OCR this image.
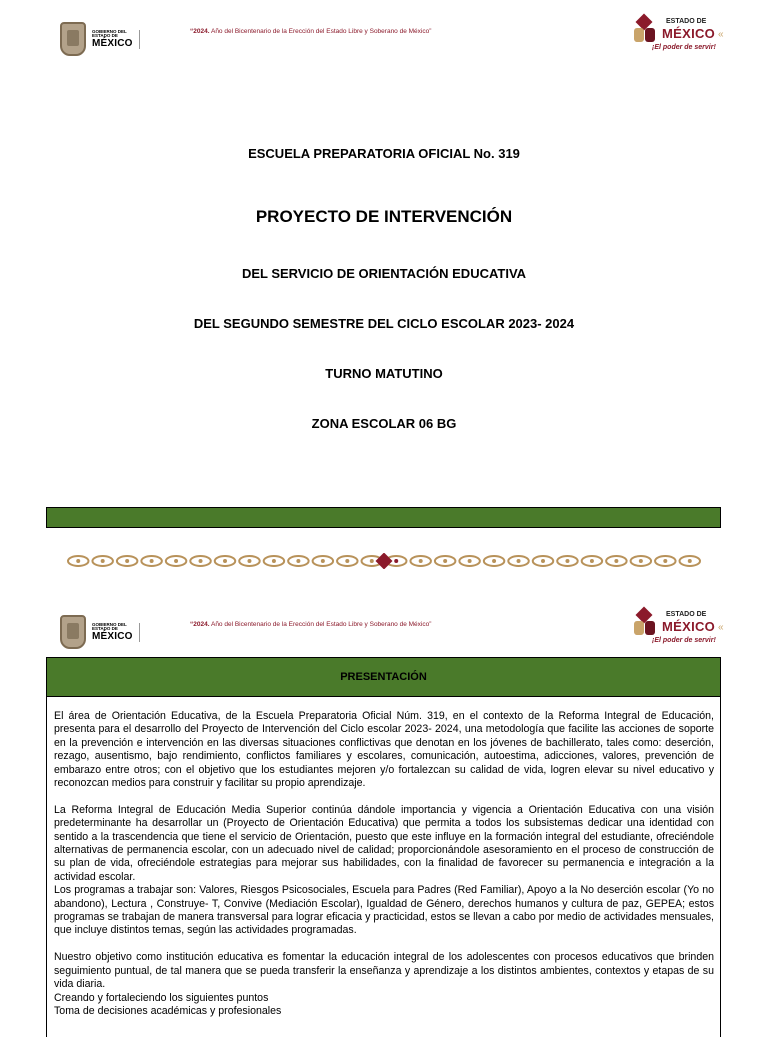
GOBIERNO DEL
ESTADO DE
MÉXICO
“2024. Año del Bicentenario de la Erección del Estado Libre y Soberano de México”
ESTADO DE
MÉXICO «
¡El poder de servir!
ESCUELA PREPARATORIA OFICIAL No. 319
PROYECTO DE INTERVENCIÓN
DEL SERVICIO DE ORIENTACIÓN EDUCATIVA
DEL SEGUNDO SEMESTRE DEL CICLO ESCOLAR 2023- 2024
TURNO MATUTINO
ZONA ESCOLAR 06 BG
GOBIERNO DEL
ESTADO DE
MÉXICO
“2024. Año del Bicentenario de la Erección del Estado Libre y Soberano de México”
ESTADO DE
MÉXICO «
¡El poder de servir!
PRESENTACIÓN

El área de Orientación Educativa, de la Escuela Preparatoria Oficial Núm. 319, en el contexto de la Reforma Integral de Educación, presenta para el desarrollo del Proyecto de Intervención del Ciclo escolar 2023- 2024, una metodología que facilite las acciones de soporte en la prevención e intervención en las diversas situaciones conflictivas que denotan en los jóvenes de bachillerato, tales como: deserción, rezago, ausentismo, bajo rendimiento, conflictos familiares y escolares, comunicación, autoestima, adicciones, valores, prevención de embarazo entre otros; con el objetivo que los estudiantes mejoren y/o fortalezcan su calidad de vida, logren elevar su nivel educativo y reconozcan medios para construir y facilitar su propio aprendizaje.

La Reforma Integral de Educación Media Superior continúa dándole importancia y vigencia a Orientación Educativa con una visión predeterminante ha desarrollar un (Proyecto de Orientación Educativa) que permita a todos los subsistemas dedicar una identidad con sentido a la trascendencia que tiene el servicio de Orientación, puesto que este influye en la formación integral del estudiante, ofreciéndole alternativas de permanencia escolar, con un adecuado nivel de calidad; proporcionándole asesoramiento en el proceso de construcción de su plan de vida, ofreciéndole estrategias para mejorar sus habilidades, con la finalidad de favorecer su permanencia e integración a la actividad escolar.

Los programas a trabajar son: Valores, Riesgos Psicosociales, Escuela para Padres (Red Familiar), Apoyo a la No deserción escolar (Yo no abandono), Lectura , Construye- T, Convive (Mediación Escolar), Igualdad de Género, derechos humanos y cultura de paz, GEPEA; estos programas se trabajan de manera transversal para lograr eficacia y practicidad, estos se llevan a cabo por medio de actividades mensuales, que incluye distintos temas, según las actividades programadas.

Nuestro objetivo como institución educativa es fomentar la educación integral de los adolescentes con procesos educativos que brinden seguimiento puntual, de tal manera que se pueda transferir la enseñanza y aprendizaje a los distintos ambientes, contextos y etapas de su vida diaria.

Creando y fortaleciendo los siguientes puntos
Toma de decisiones académicas y profesionales
